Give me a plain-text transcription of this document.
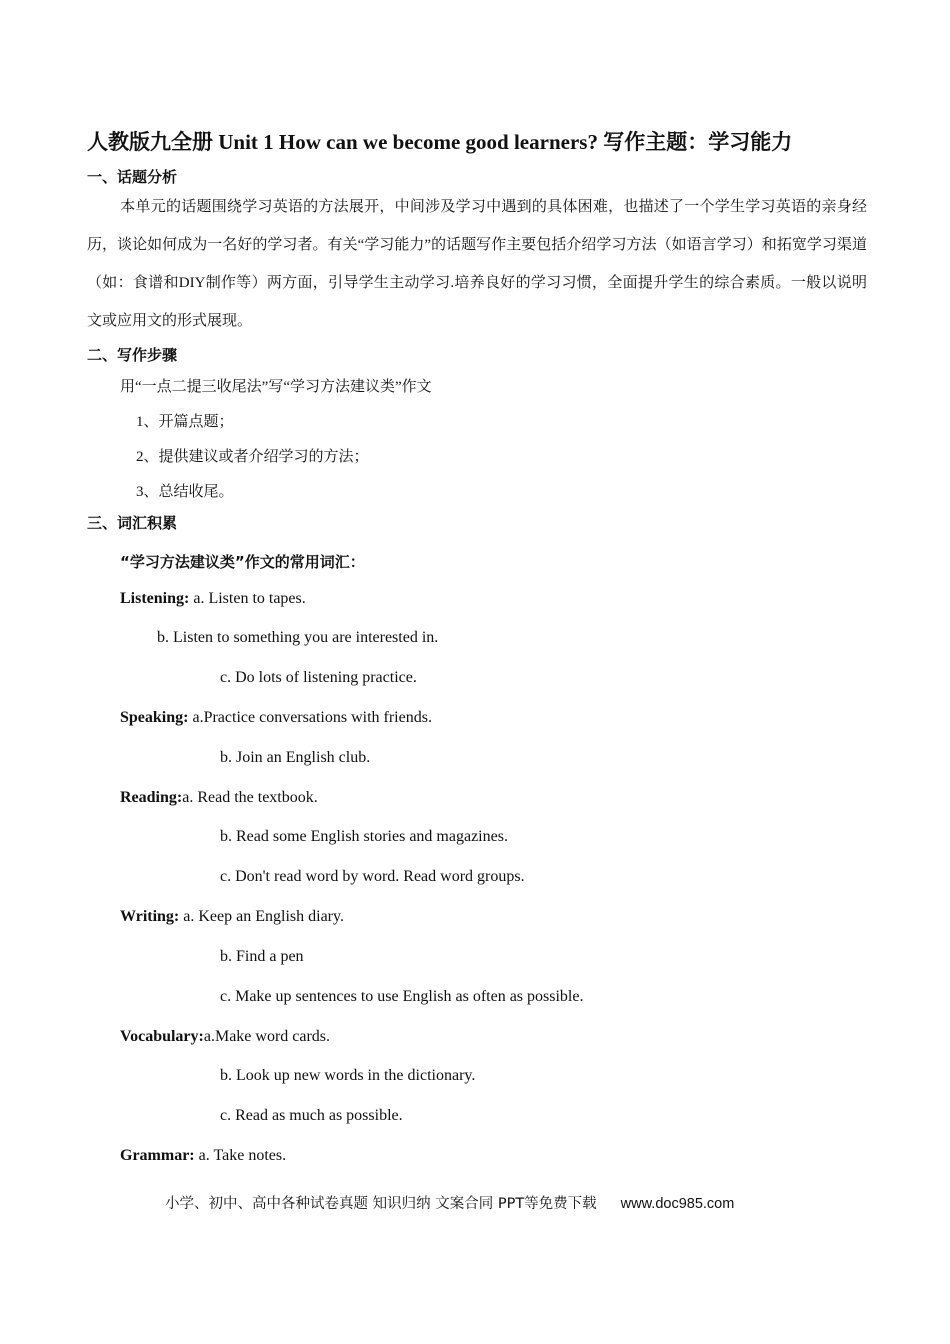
人教版九全册 Unit 1 How can we become good learners? 写作主题：学习能力
一、话题分析
本单元的话题围绕学习英语的方法展开，中间涉及学习中遇到的具体困难，也描述了一个学生学习英语的亲身经历，谈论如何成为一名好的学习者。有关“学习能力”的话题写作主要包括介绍学习方法（如语言学习）和拓宽学习渠道（如：食谱和DIY制作等）两方面，引导学生主动学习.培养良好的学习习惯，全面提升学生的综合素质。一般以说明文或应用文的形式展现。
二、写作步骤
用“一点二提三收尾法”写“学习方法建议类”作文
1、开篇点题；
2、提供建议或者介绍学习的方法；
3、总结收尾。
三、词汇积累
“学习方法建议类”作文的常用词汇：
Listening: a. Listen to tapes.
b. Listen to something you are interested in.
c. Do lots of listening practice.
Speaking: a.Practice conversations with friends.
b. Join an English club.
Reading:a. Read the textbook.
b. Read some English stories and magazines.
c. Don't read word by word. Read word groups.
Writing: a. Keep an English diary.
b. Find a pen
c. Make up sentences to use English as often as possible.
Vocabulary:a.Make word cards.
b. Look up new words in the dictionary.
c. Read as much as possible.
Grammar: a. Take notes.
小学、初中、高中各种试卷真题 知识归纳 文案合同 PPT等免费下载 www.doc985.com
